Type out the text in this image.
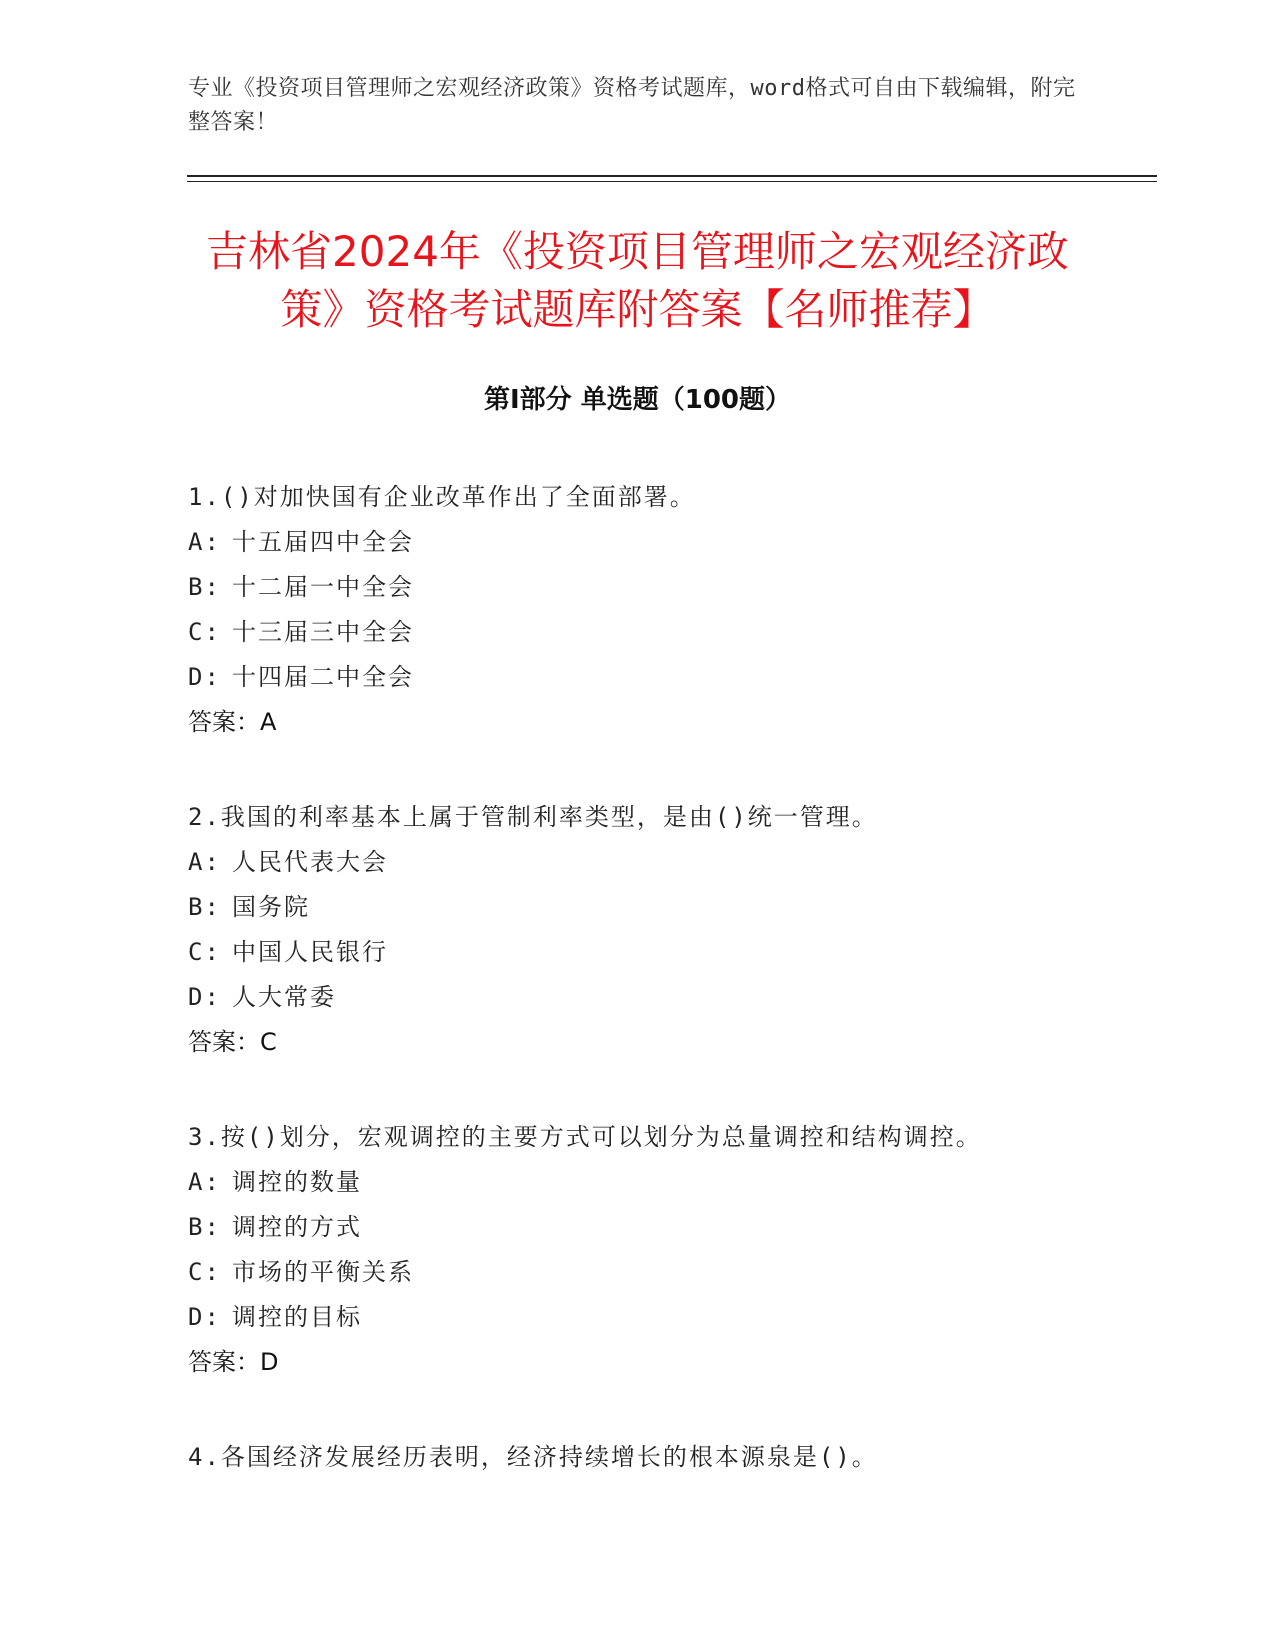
专业《投资项目管理师之宏观经济政策》资格考试题库，word格式可自由下载编辑，附完整答案！
吉林省2024年《投资项目管理师之宏观经济政策》资格考试题库附答案【名师推荐】
第Ⅰ部分 单选题（100题）

1.()对加快国有企业改革作出了全面部署。

A: 十五届四中全会

B: 十二届一中全会

C: 十三届三中全会

D: 十四届二中全会

答案：A

2.我国的利率基本上属于管制利率类型，是由()统一管理。

A: 人民代表大会

B: 国务院

C: 中国人民银行

D: 人大常委

答案：C

3.按()划分，宏观调控的主要方式可以划分为总量调控和结构调控。

A: 调控的数量

B: 调控的方式

C: 市场的平衡关系

D: 调控的目标

答案：D

4.各国经济发展经历表明，经济持续增长的根本源泉是()。
